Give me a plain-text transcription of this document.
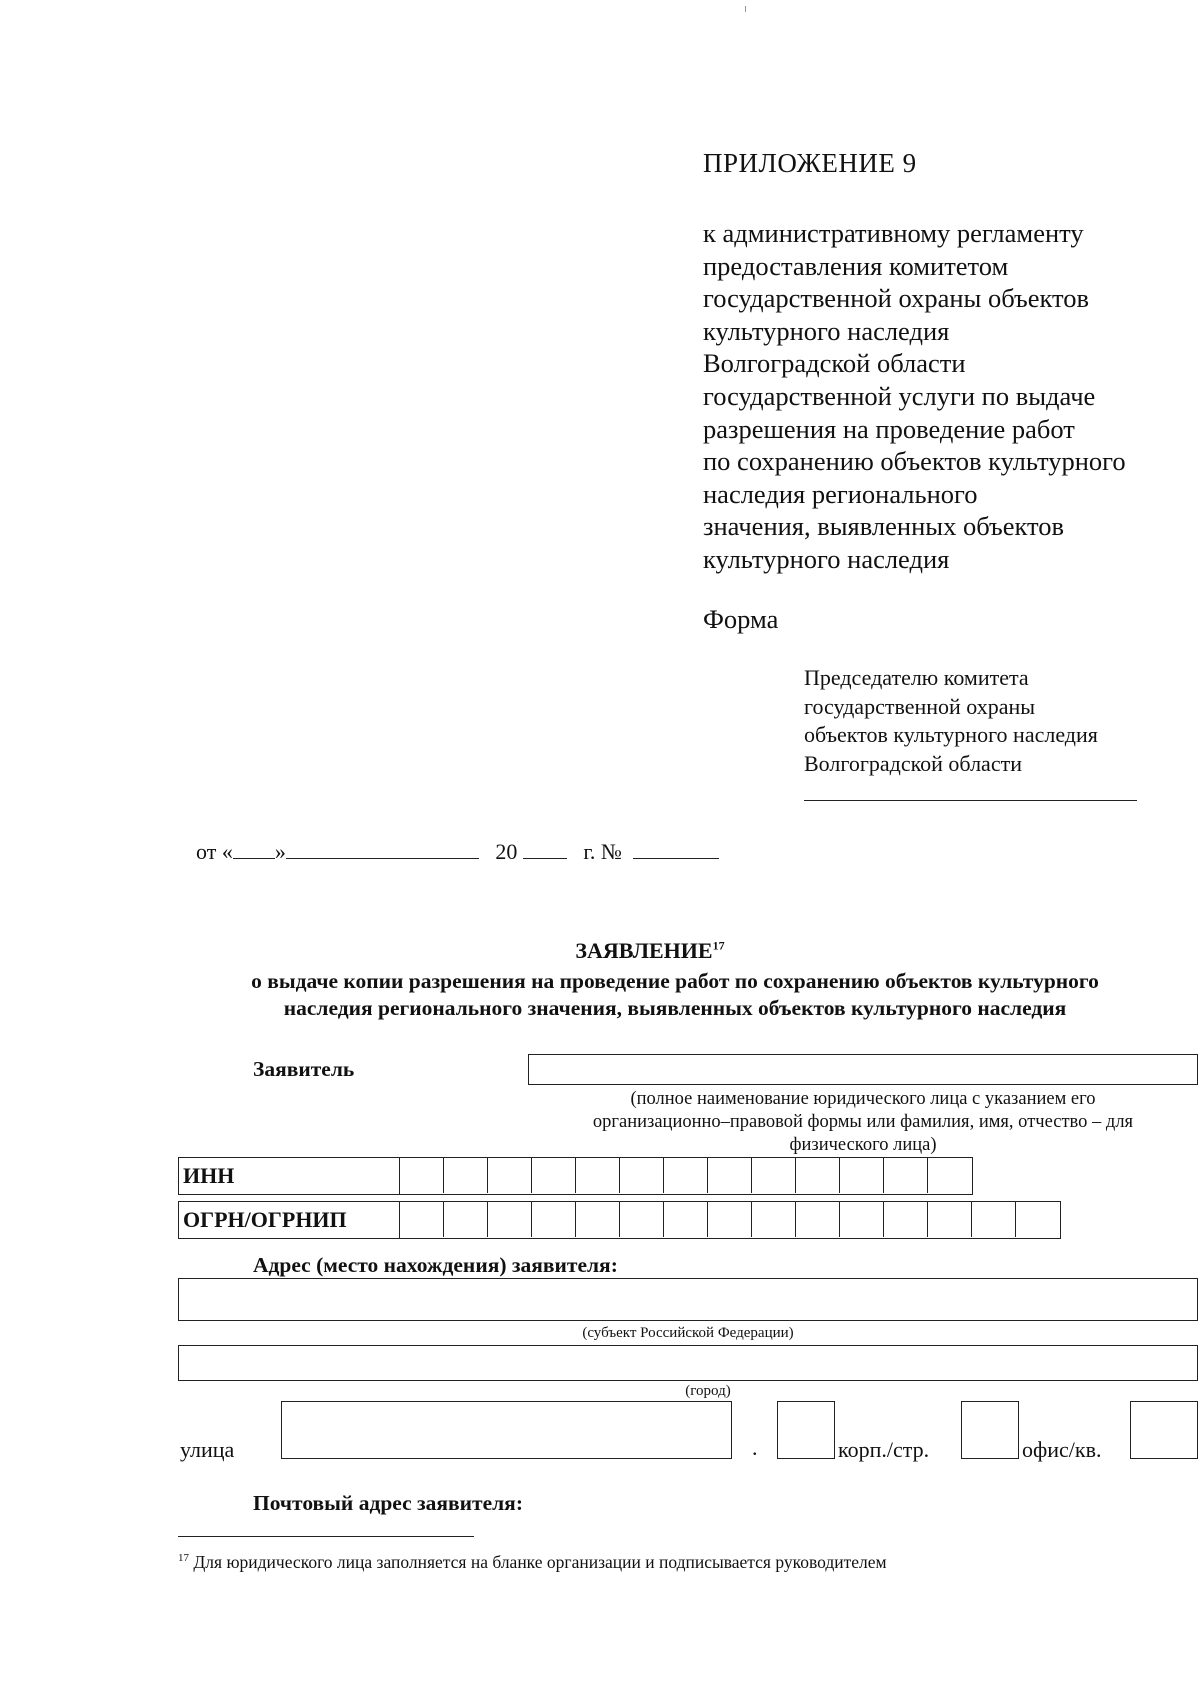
ПРИЛОЖЕНИЕ 9
к административному регламенту
предоставления комитетом
государственной охраны объектов
культурного наследия
Волгоградской области
государственной услуги по выдаче
разрешения на проведение работ
по сохранению объектов культурного
наследия регионального
значения, выявленных объектов
культурного наследия
Форма
Председателю комитета
государственной охраны
объектов культурного наследия
Волгоградской области
от « »	20	г. №
ЗАЯВЛЕНИЕ$^{17}$
о выдаче копии разрешения на проведение работ по сохранению объектов культурного
наследия регионального значения, выявленных объектов культурного наследия
Заявитель
(полное наименование юридического лица с указанием его
организационно–правовой формы или фамилия, имя, отчество – для
физического лица)
ИНН
ОГРН/ОГРНИП
Адрес (место нахождения) заявителя:
(субъект Российской Федерации)
(город)
улица	.	корп./стр.	офис/кв.
Почтовый адрес заявителя:
$^{17}$ Для юридического лица заполняется на бланке организации и подписывается руководителем
